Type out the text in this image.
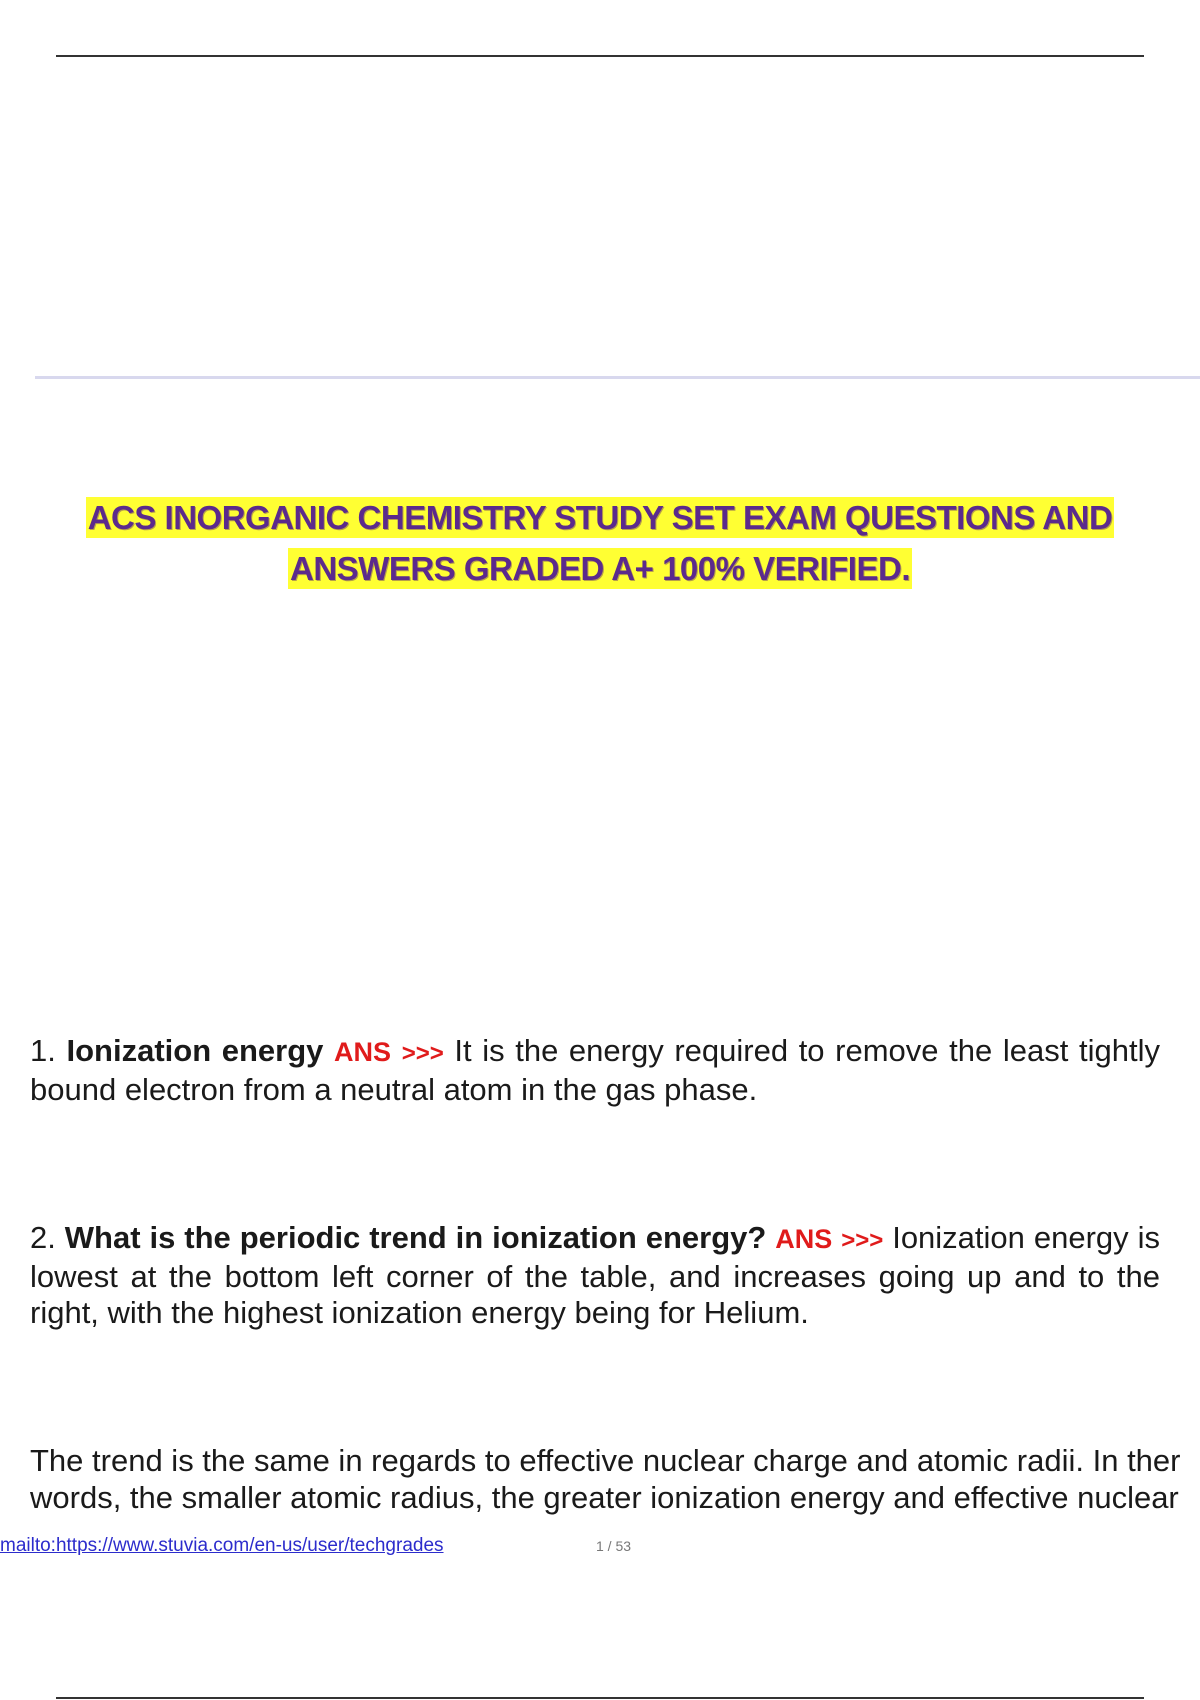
ACS INORGANIC CHEMISTRY STUDY SET EXAM QUESTIONS AND
ANSWERS GRADED A+ 100% VERIFIED.
1. Ionization energy ANS >>> It is the energy required to remove the least tightly bound electron from a neutral atom in the gas phase.
2. What is the periodic trend in ionization energy? ANS >>> Ionization energy is lowest at the bottom left corner of the table, and increases going up and to the right, with the highest ionization energy being for Helium.
The trend is the same in regards to effective nuclear charge and atomic radii. In ther
words, the smaller atomic radius, the greater ionization energy and effective nuclear
mailto:https://www.stuvia.com/en-us/user/techgrades	1 / 53
